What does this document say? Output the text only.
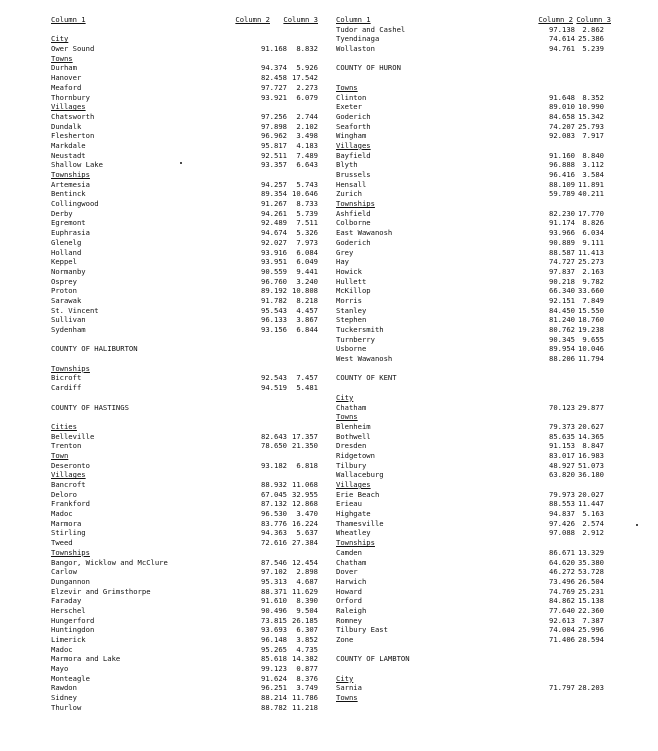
Column 1	Column 2 Column 3
City
Ower Sound	91.168 8.832
Towns
Durham	94.374 5.926
Hanover	82.458 17.542
Meaford	97.727 2.273
Thornbury	93.921 6.079
Villages
Chatsworth	97.256 2.744
Dundalk	97.898 2.102
Flesherton	96.962 3.498
Markdale	95.817 4.183
Neustadt	92.511 7.489
Shallow Lake	93.357 6.643
Townships
Artemesia	94.257 5.743
Bentinck	89.354 10.646
Collingwood	91.267 8.733
Derby	94.261 5.739
Egremont	92.489 7.511
Euphrasia	94.674 5.326
Glenelg	92.027 7.973
Holland	93.916 6.084
Keppel	93.951 6.049
Normanby	90.559 9.441
Osprey	96.760 3.240
Proton	89.192 10.808
Sarawak	91.782 8.218
St. Vincent	95.543 4.457
Sullivan	96.133 3.867
Sydenham	93.156 6.844
COUNTY OF HALIBURTON
Townships
Bicroft	92.543 7.457
Cardiff	94.519 5.481
COUNTY OF HASTINGS
Cities
Belleville	82.643 17.357
Trenton	78.650 21.350
Town
Deseronto	93.182 6.818
Villages
Bancroft	88.932 11.068
Deloro	67.045 32.955
Frankford	87.132 12.868
Madoc	96.530 3.470
Marmora	83.776 16.224
Stirling	94.363 5.637
Tweed	72.616 27.384
Townships
Bangor, Wicklow and McClure	87.546 12.454
Carlow	97.102 2.898
Dungannon	95.313 4.687
Elzevir and Grimsthorpe	88.371 11.629
Faraday	91.610 8.390
Herschel	90.496 9.504
Hungerford	73.815 26.185
Huntingdon	93.693 6.307
Limerick	96.148 3.852
Madoc	95.265 4.735
Marmora and Lake	85.618 14.382
Mayo	99.123 0.877
Monteagle	91.624 8.376
Rawdon	96.251 3.749
Sidney	88.214 11.786
Thurlow	88.782 11.218
Column 1	Column 2 Column 3
Tudor and Cashel	97.138 2.862
Tyendinaga	74.614 25.386
Wollaston	94.761 5.239
COUNTY OF HURON
Towns
Clinton	91.648 8.352
Exeter	89.010 10.990
Goderich	84.658 15.342
Seaforth	74.207 25.793
Wingham	92.083 7.917
Villages
Bayfield	91.160 8.840
Blyth	96.888 3.112
Brussels	96.416 3.584
Hensall	88.109 11.891
Zurich	59.789 40.211
Townships
Ashfield	82.230 17.770
Colborne	91.174 8.826
East Wawanosh	93.966 6.034
Goderich	90.889 9.111
Grey	88.587 11.413
Hay	74.727 25.273
Howick	97.837 2.163
Hullett	90.218 9.782
McKillop	66.340 33.660
Morris	92.151 7.849
Stanley	84.450 15.550
Stephen	81.240 18.760
Tuckersmith	80.762 19.238
Turnberry	90.345 9.655
Usborne	89.954 10.046
West Wawanosh	88.206 11.794
COUNTY OF KENT
City
Chatham	70.123 29.877
Towns
Blenheim	79.373 20.627
Bothwell	85.635 14.365
Dresden	91.153 8.847
Ridgetown	83.017 16.983
Tilbury	48.927 51.073
Wallaceburg	63.820 36.180
Villages
Erie Beach	79.973 20.027
Erieau	88.553 11.447
Highgate	94.837 5.163
Thamesville	97.426 2.574
Wheatley	97.088 2.912
Townships
Camden	86.671 13.329
Chatham	64.620 35.380
Dover	46.272 53.728
Harwich	73.496 26.504
Howard	74.769 25.231
Orford	84.862 15.138
Raleigh	77.640 22.360
Romney	92.613 7.387
Tilbury East	74.004 25.996
Zone	71.406 28.594
COUNTY OF LAMBTON
City
Sarnia	71.797 28.203
Towns
